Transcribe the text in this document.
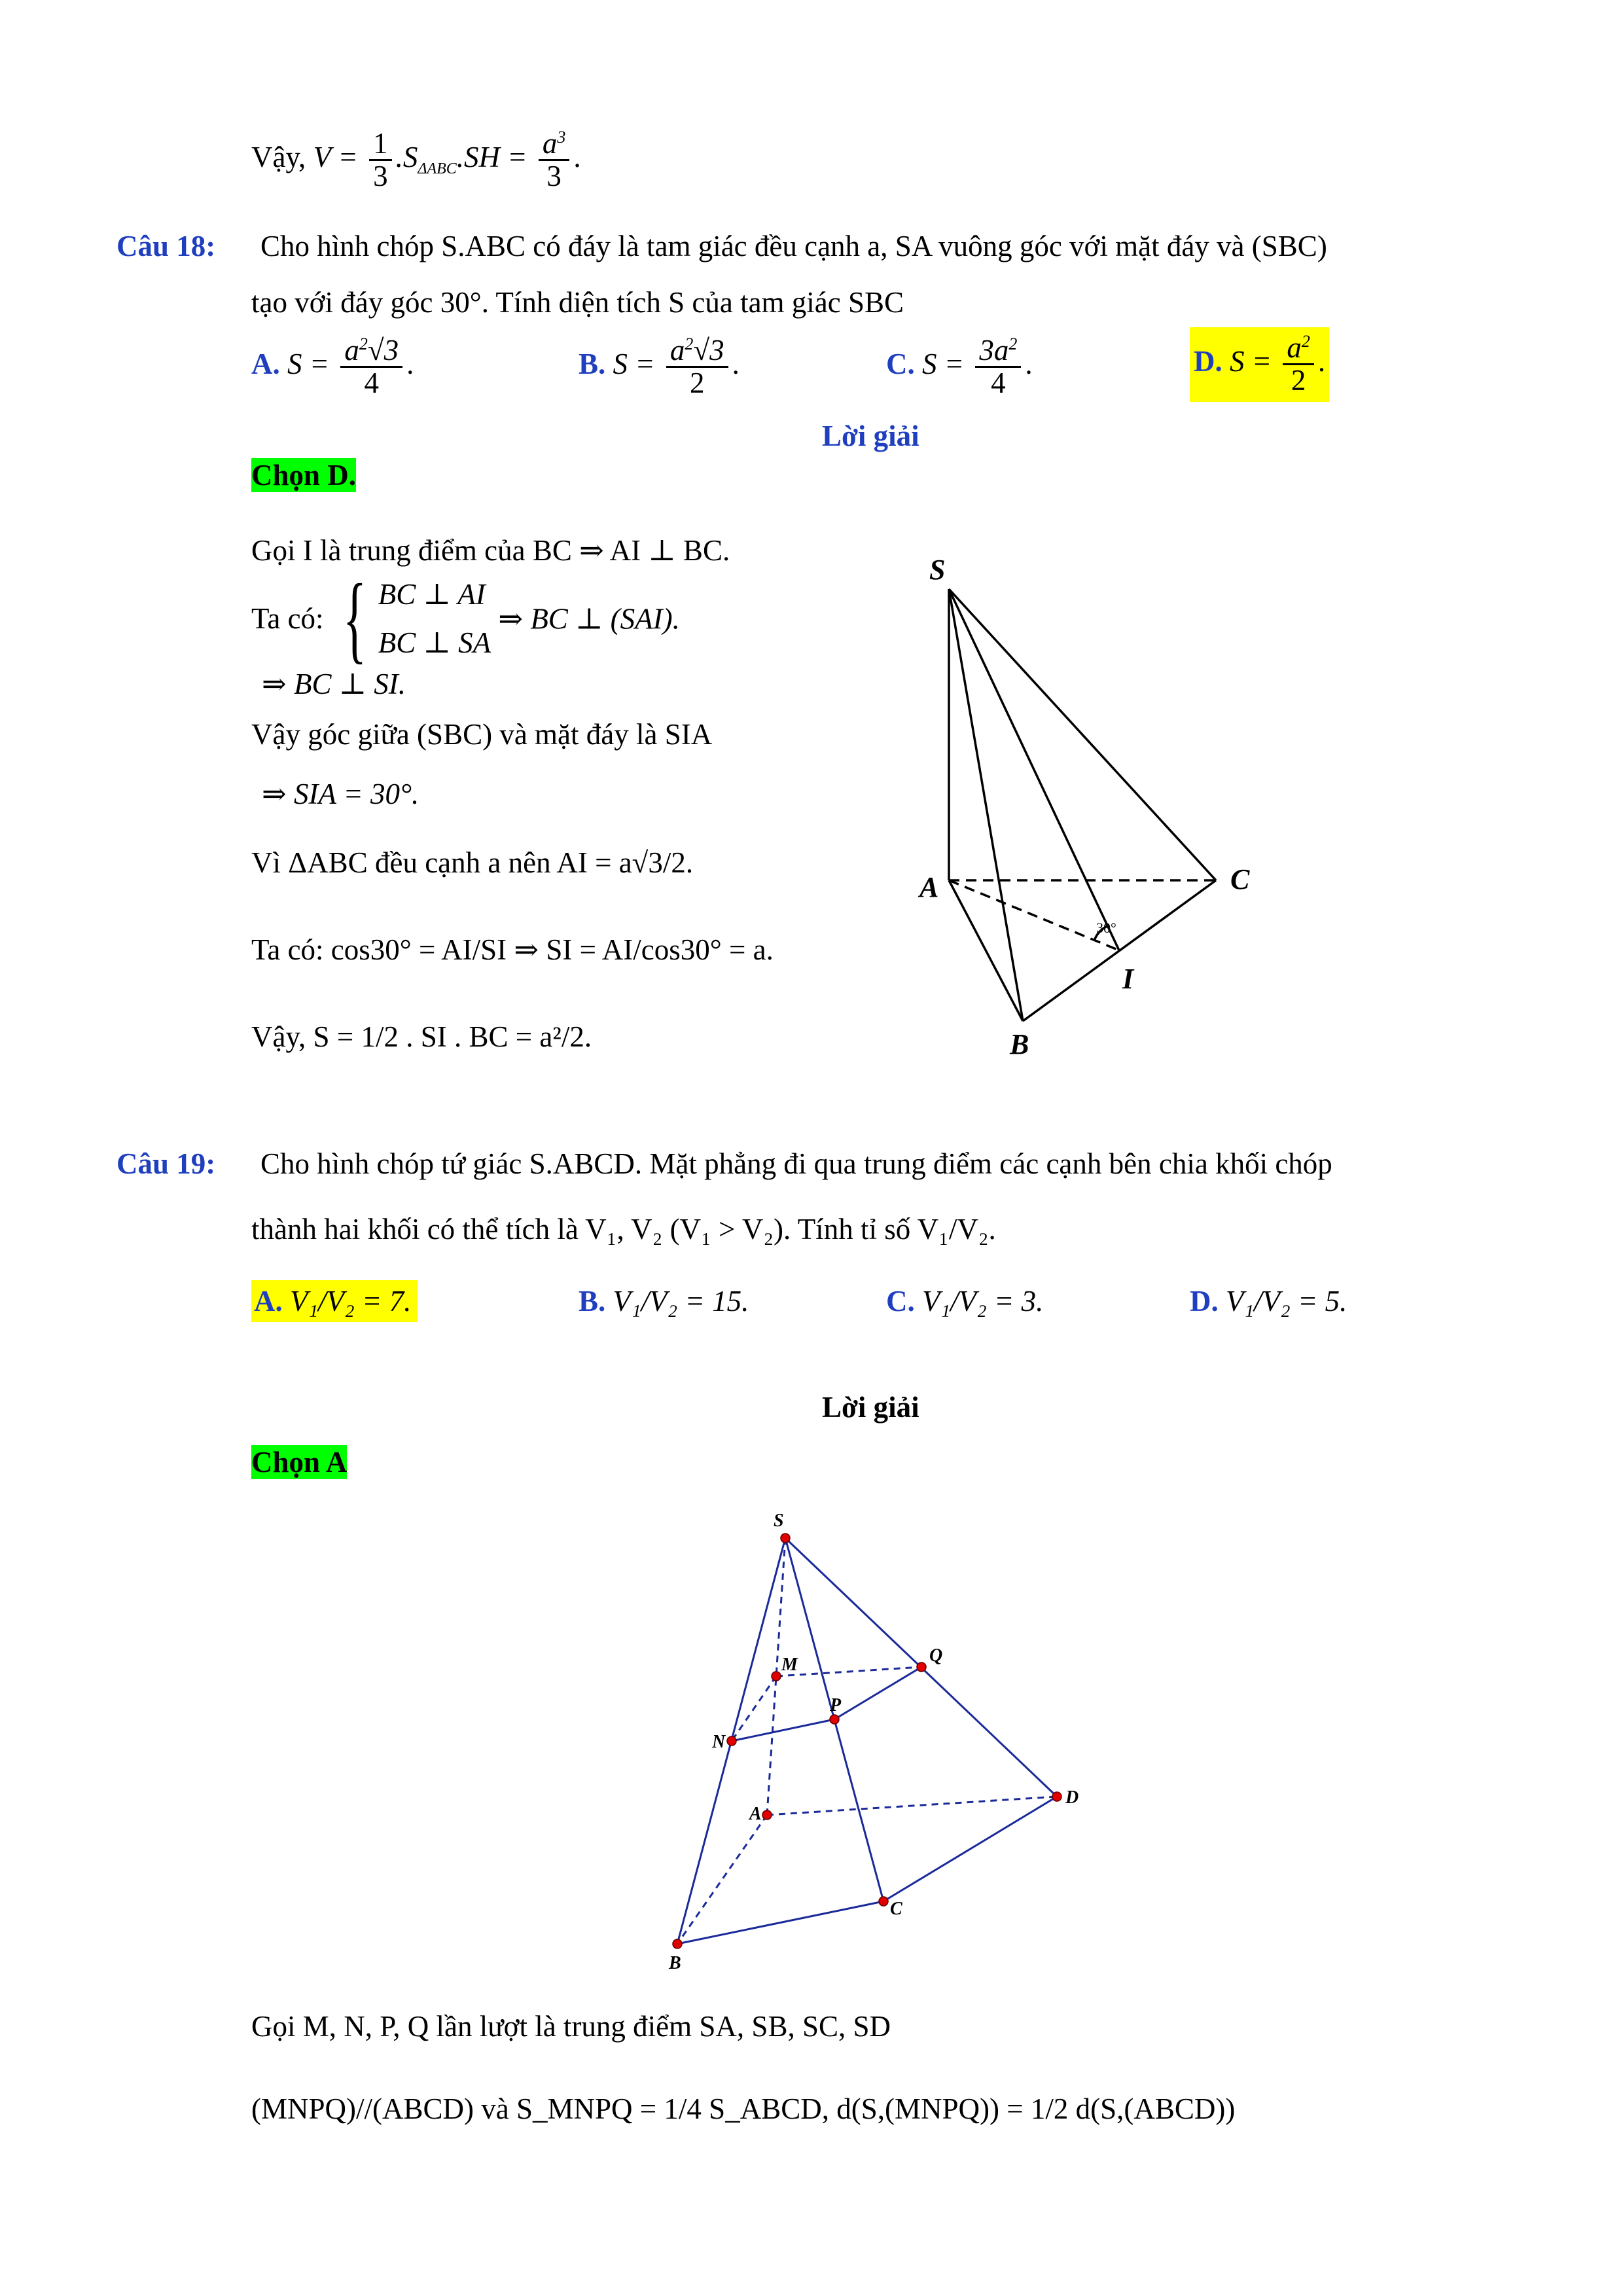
Vậy, $V = \frac{1}{3} .S_{\Delta ABC}.SH = \frac{a^3}{3}$ .
Câu 18: Cho hình chóp S.ABC có đáy là tam giác đều cạnh a, SA vuông góc với mặt đáy và (SBC)
tạo với đáy góc 30°. Tính diện tích S của tam giác SBC
A. $S = \frac{a^2√3}{4}$ .	B. $S = \frac{a^2√3}{2}$ .	C. $S = \frac{3a^2}{4}$ .	D. $S = \frac{a^2}{2}$ .
Lời giải
Chọn D.
Gọi I là trung điểm của BC ⇒ AI ⊥ BC.
Ta có: { BC ⊥ AI
BC ⊥ SA
⇒ BC ⊥ (SAI).
⇒ BC ⊥ SI.
Vậy góc giữa (SBC) và mặt đáy là SIA
⇒ SIA = 30°.
Vì ΔABC đều cạnh a nên AI = a√3/2.
Ta có: cos30° = AI/SI ⇒ SI = AI/cos30° = a.
Vậy, S = 1/2 . SI . BC = a²/2.
S
A	C
I
B
30°
Câu 19: Cho hình chóp tứ giác S.ABCD. Mặt phẳng đi qua trung điểm các cạnh bên chia khối chóp
thành hai khối có thể tích là V₁, V₂ (V₁ > V₂). Tính tỉ số V₁/V₂.
A. V₁/V₂ = 7.	B. V₁/V₂ = 15.	C. V₁/V₂ = 3.	D. V₁/V₂ = 5.
Lời giải
Chọn A
S
M	Q
P
N
A
D
C
B
Gọi M, N, P, Q lần lượt là trung điểm SA, SB, SC, SD
(MNPQ)//(ABCD) và S_MNPQ = 1/4 S_ABCD, d(S,(MNPQ)) = 1/2 d(S,(ABCD))
